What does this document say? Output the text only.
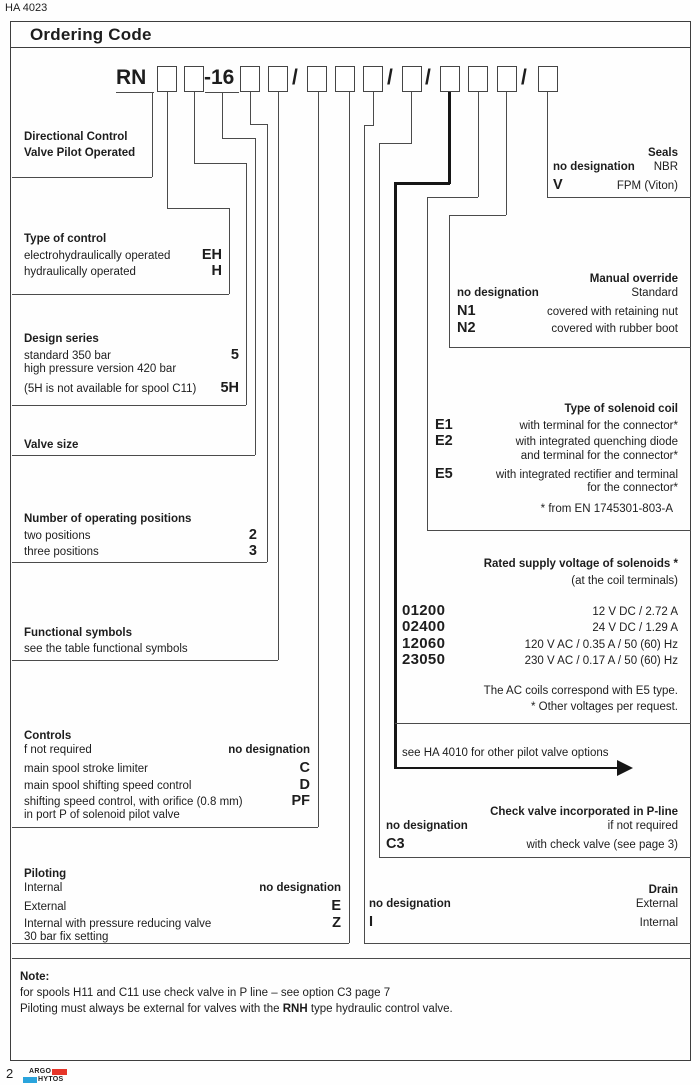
HA 4023
Ordering Code
RN	-16	/	/ /	/
Directional Control
Valve Pilot Operated
Type of control
electrohydraulically operated EH
hydraulically operated	H
Design series
standard 350 bar	5
high pressure version 420 bar
(5H is not available for spool C11) 5H
Valve size
Number of operating positions
two positions	2
three positions	3
Functional symbols
see the table functional symbols
Controls
f not required	no designation
main spool stroke limiter	C
main spool shifting speed control	D
shifting speed control, with orifice (0.8 mm)	PF
in port P of solenoid pilot valve
Piloting
Internal	no designation
External	E
Internal with pressure reducing valve	Z
30 bar fix setting
Seals
no designation NBR
V	FPM (Viton)
Manual override
no designation	Standard
N1	covered with retaining nut
N2	covered with rubber boot
Type of solenoid coil
E1	with terminal for the connector*
E2	with integrated quenching diode
and terminal for the connector*
E5	with integrated rectifier and terminal
for the connector*
* from EN 1745301-803-A
Rated supply voltage of solenoids *
(at the coil terminals)
01200	12 V DC / 2.72 A
02400	24 V DC / 1.29 A
12060	120 V AC / 0.35 A / 50 (60) Hz
23050	230 V AC / 0.17 A / 50 (60) Hz
The AC coils correspond with E5 type.
* Other voltages per request.
see HA 4010 for other pilot valve options
Check valve incorporated in P-line
no designation	if not required
C3	with check valve (see page 3)
Drain
no designation	External
I	Internal
Note:
for spools H11 and C11 use check valve in P line – see option C3 page 7
Piloting must always be external for valves with the RNH type hydraulic control valve.
2 ARGO
HYTOS
